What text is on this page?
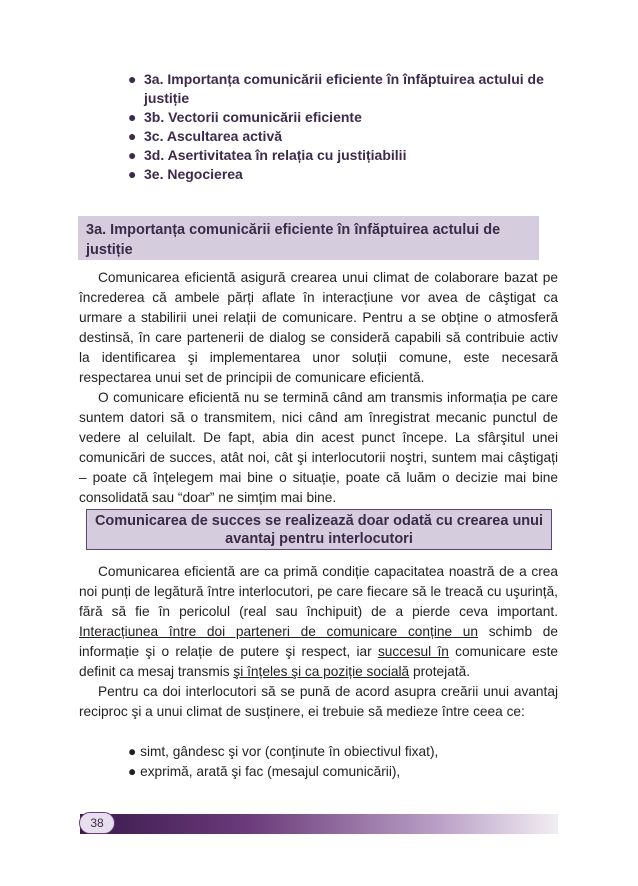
● 3a. Importanța comunicării eficiente în înfăptuirea actului de justiție
● 3b. Vectorii comunicării eficiente
● 3c. Ascultarea activă
● 3d. Asertivitatea în relația cu justițiabilii
● 3e. Negocierea
3a. Importanța comunicării eficiente în înfăptuirea actului de justiție

Comunicarea eficientă asigură crearea unui climat de colaborare bazat pe încrederea că ambele părți aflate în interacțiune vor avea de câştigat ca urmare a stabilirii unei relații de comunicare. Pentru a se obține o atmosferă destinsă, în care partenerii de dialog se consideră capabili să contribuie activ la identificarea şi implementarea unor soluții comune, este necesară respectarea unui set de principii de comunicare eficientă.

O comunicare eficientă nu se termină când am transmis informația pe care suntem datori să o transmitem, nici când am înregistrat mecanic punctul de vedere al celuilalt. De fapt, abia din acest punct începe. La sfârşitul unei comunicări de succes, atât noi, cât şi interlocutorii noştri, suntem mai câştigați – poate că înțelegem mai bine o situație, poate că luăm o decizie mai bine consolidată sau “doar” ne simțim mai bine.

Comunicarea de succes se realizează doar odată cu crearea unui avantaj pentru interlocutori

Comunicarea eficientă are ca primă condiție capacitatea noastră de a crea noi punți de legătură între interlocutori, pe care fiecare să le treacă cu uşurință, fără să fie în pericolul (real sau închipuit) de a pierde ceva important. Interacțiunea între doi parteneri de comunicare conține un schimb de informație şi o relație de putere şi respect, iar succesul în comunicare este definit ca mesaj transmis şi înțeles şi ca poziție socială protejată.

Pentru ca doi interlocutori să se pună de acord asupra creării unui avantaj reciproc şi a unui climat de susținere, ei trebuie să medieze între ceea ce:

● simt, gândesc şi vor (conținute în obiectivul fixat),
● exprimă, arată şi fac (mesajul comunicării),
38
